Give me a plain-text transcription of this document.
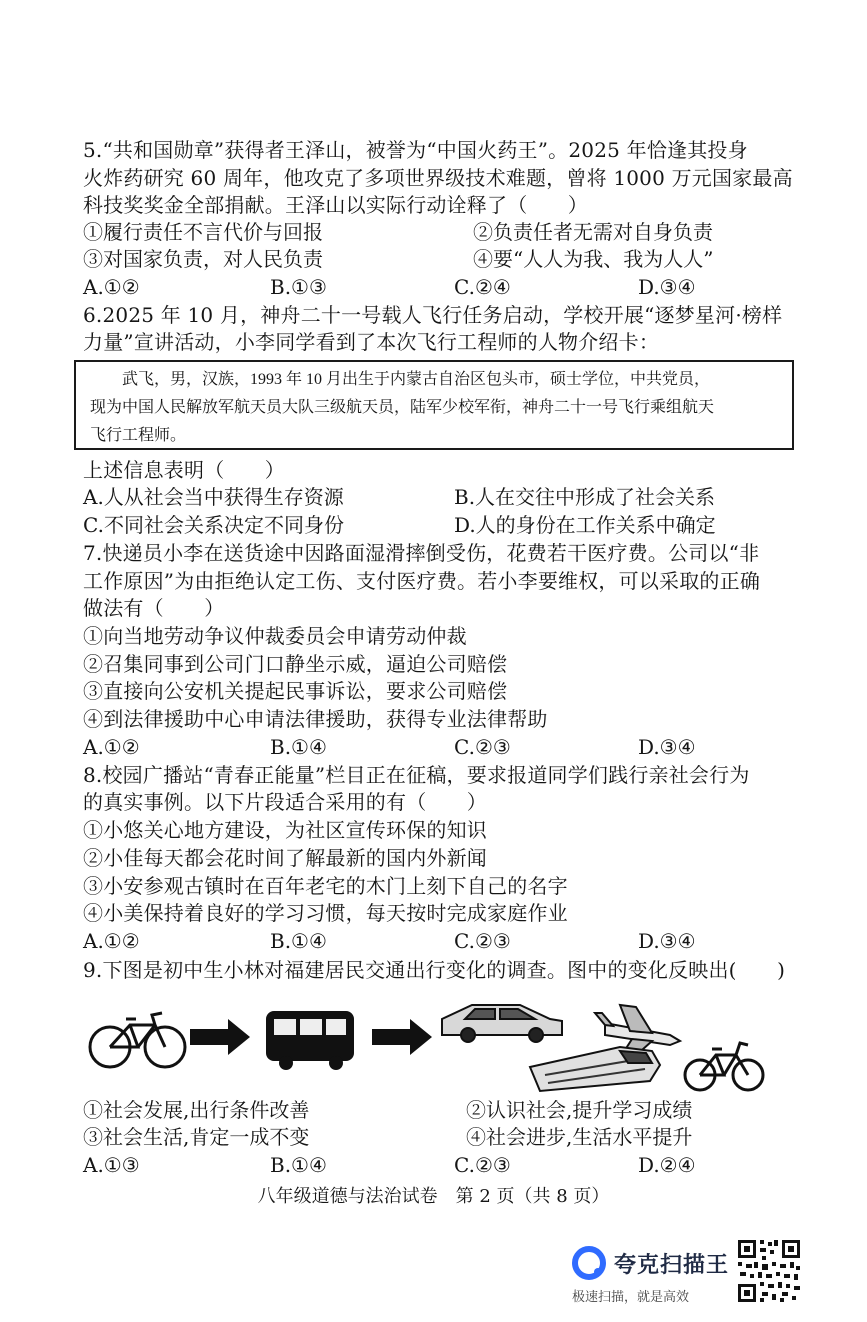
5.“共和国勋章”获得者王泽山，被誉为“中国火药王”。2025 年恰逢其投身
火炸药研究 60 周年，他攻克了多项世界级技术难题，曾将 1000 万元国家最高
科技奖奖金全部捐献。王泽山以实际行动诠释了（　　）
①履行责任不言代价与回报	②负责任者无需对自身负责
③对国家负责，对人民负责	④要“人人为我、我为人人”
A.①②	B.①③	C.②④	D.③④
6.2025 年 10 月，神舟二十一号载人飞行任务启动，学校开展“逐梦星河·榜样
力量”宣讲活动，小李同学看到了本次飞行工程师的人物介绍卡：
武飞，男，汉族，1993 年 10 月出生于内蒙古自治区包头市，硕士学位，中共党员，
现为中国人民解放军航天员大队三级航天员，陆军少校军衔，神舟二十一号飞行乘组航天
飞行工程师。
上述信息表明（　　）
A.人从社会当中获得生存资源	B.人在交往中形成了社会关系
C.不同社会关系决定不同身份	D.人的身份在工作关系中确定
7.快递员小李在送货途中因路面湿滑摔倒受伤，花费若干医疗费。公司以“非
工作原因”为由拒绝认定工伤、支付医疗费。若小李要维权，可以采取的正确
做法有（　　）
①向当地劳动争议仲裁委员会申请劳动仲裁
②召集同事到公司门口静坐示威，逼迫公司赔偿
③直接向公安机关提起民事诉讼，要求公司赔偿
④到法律援助中心申请法律援助，获得专业法律帮助
A.①②	B.①④	C.②③	D.③④
8.校园广播站“青春正能量”栏目正在征稿，要求报道同学们践行亲社会行为
的真实事例。以下片段适合采用的有（　　）
①小悠关心地方建设，为社区宣传环保的知识
②小佳每天都会花时间了解最新的国内外新闻
③小安参观古镇时在百年老宅的木门上刻下自己的名字
④小美保持着良好的学习习惯，每天按时完成家庭作业
A.①②	B.①④	C.②③	D.③④
9.下图是初中生小林对福建居民交通出行变化的调查。图中的变化反映出(　　)
①社会发展,出行条件改善	②认识社会,提升学习成绩
③社会生活,肯定一成不变	④社会进步,生活水平提升
A.①③	B.①④	C.②③	D.②④
八年级道德与法治试卷　第 2 页（共 8 页）
夸克扫描王
极速扫描，就是高效
